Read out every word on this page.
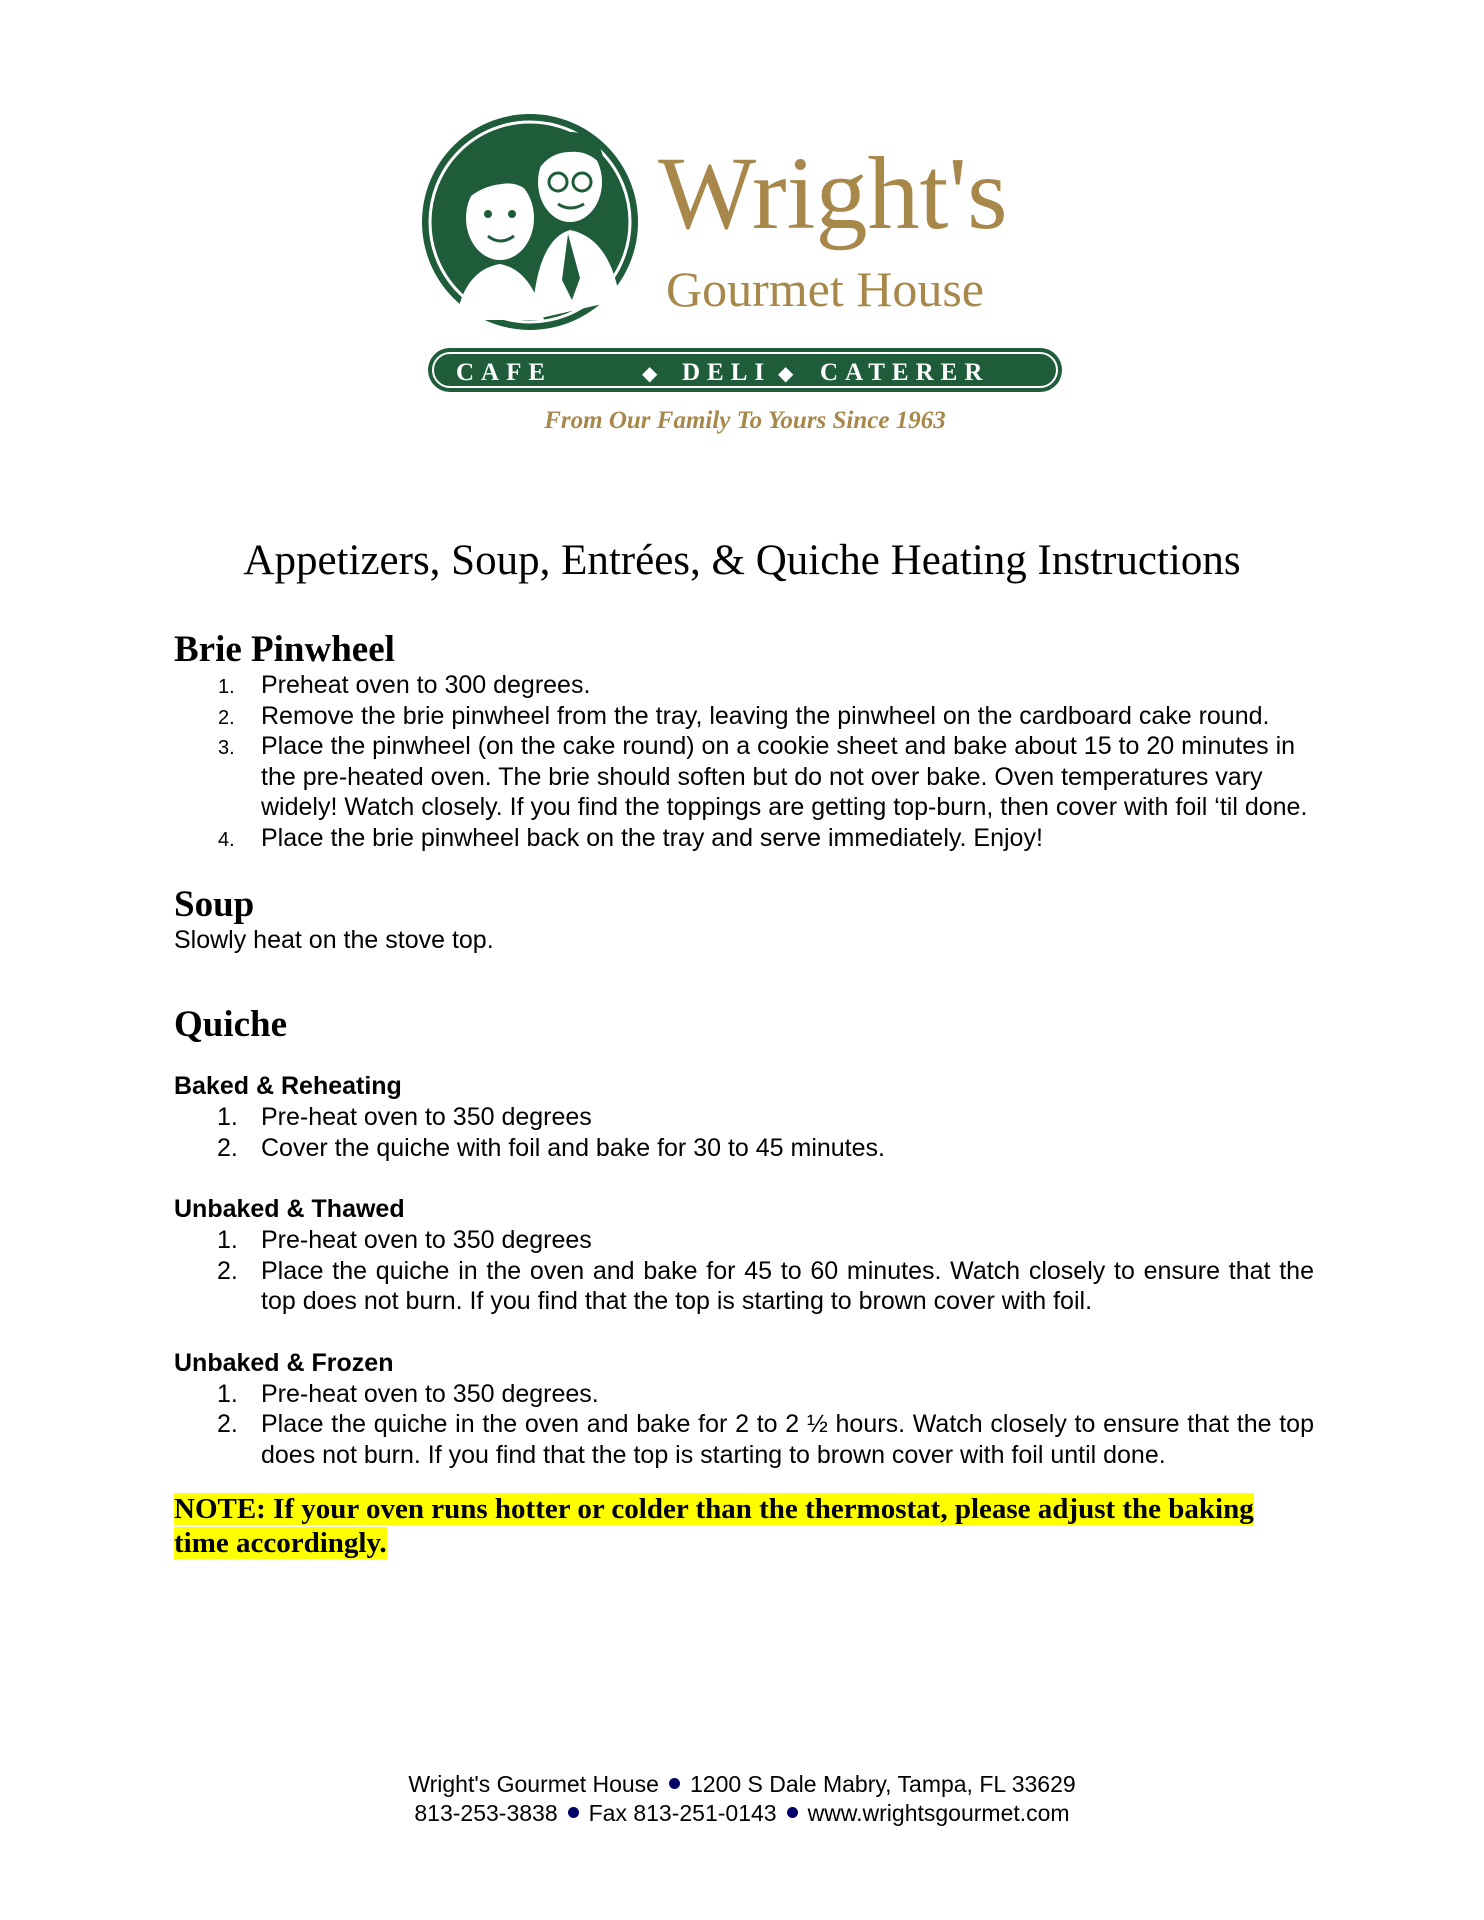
Wright's
Gourmet House
CAFE	◆ DELI ◆ CATERER
From Our Family To Yours Since 1963
Appetizers, Soup, Entrées, & Quiche Heating Instructions
Brie Pinwheel
1. Preheat oven to 300 degrees.
2. Remove the brie pinwheel from the tray, leaving the pinwheel on the cardboard cake round.
3. Place the pinwheel (on the cake round) on a cookie sheet and bake about 15 to 20 minutes in the pre-heated oven. The brie should soften but do not over bake. Oven temperatures vary widely! Watch closely. If you find the toppings are getting top-burn, then cover with foil ‘til done.
4. Place the brie pinwheel back on the tray and serve immediately. Enjoy!
Soup
Slowly heat on the stove top.
Quiche
Baked & Reheating
1. Pre-heat oven to 350 degrees
2. Cover the quiche with foil and bake for 30 to 45 minutes.
Unbaked & Thawed
1. Pre-heat oven to 350 degrees
2. Place the quiche in the oven and bake for 45 to 60 minutes. Watch closely to ensure that the top does not burn. If you find that the top is starting to brown cover with foil.
Unbaked & Frozen
1. Pre-heat oven to 350 degrees.
2. Place the quiche in the oven and bake for 2 to 2 ½ hours. Watch closely to ensure that the top does not burn. If you find that the top is starting to brown cover with foil until done.
NOTE: If your oven runs hotter or colder than the thermostat, please adjust the baking time accordingly.
Wright's Gourmet House 1200 S Dale Mabry, Tampa, FL 33629
813-253-3838 Fax 813-251-0143 www.wrightsgourmet.com
